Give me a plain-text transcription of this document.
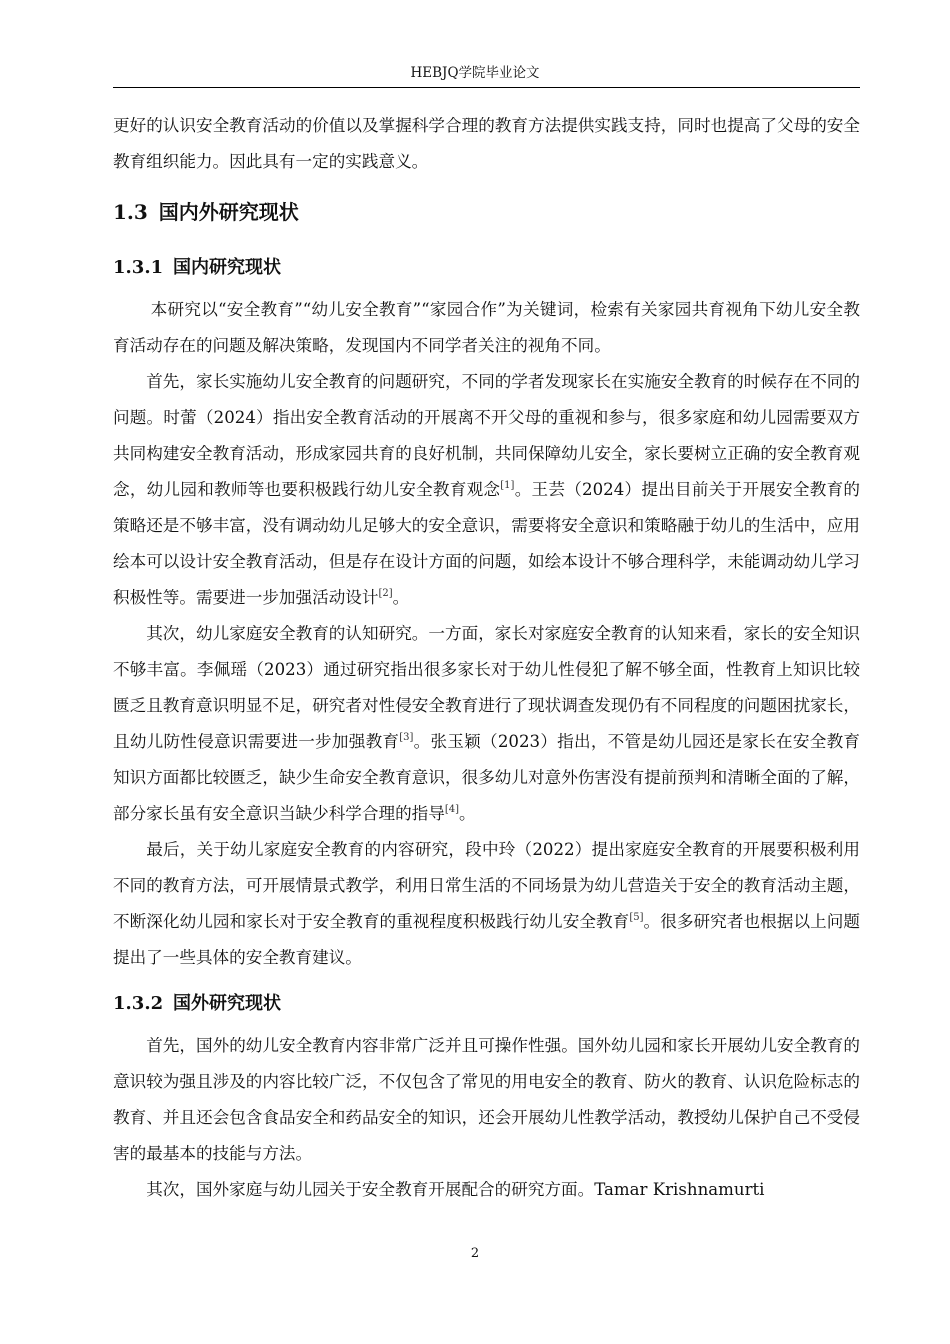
HEBJQ学院毕业论文

更好的认识安全教育活动的价值以及掌握科学合理的教育方法提供实践支持，同时也提高了父母的安全教育组织能力。因此具有一定的实践意义。

1.3 国内外研究现状
1.3.1 国内研究现状

本研究以“安全教育”“幼儿安全教育”“家园合作”为关键词，检索有关家园共育视角下幼儿安全教育活动存在的问题及解决策略，发现国内不同学者关注的视角不同。

首先，家长实施幼儿安全教育的问题研究，不同的学者发现家长在实施安全教育的时候存在不同的问题。时蕾（2024）指出安全教育活动的开展离不开父母的重视和参与，很多家庭和幼儿园需要双方共同构建安全教育活动，形成家园共育的良好机制，共同保障幼儿安全，家长要树立正确的安全教育观念，幼儿园和教师等也要积极践行幼儿安全教育观念[1]。王芸（2024）提出目前关于开展安全教育的策略还是不够丰富，没有调动幼儿足够大的安全意识，需要将安全意识和策略融于幼儿的生活中，应用绘本可以设计安全教育活动，但是存在设计方面的问题，如绘本设计不够合理科学，未能调动幼儿学习积极性等。需要进一步加强活动设计[2]。

其次，幼儿家庭安全教育的认知研究。一方面，家长对家庭安全教育的认知来看，家长的安全知识不够丰富。李佩瑶（2023）通过研究指出很多家长对于幼儿性侵犯了解不够全面，性教育上知识比较匮乏且教育意识明显不足，研究者对性侵安全教育进行了现状调查发现仍有不同程度的问题困扰家长，且幼儿防性侵意识需要进一步加强教育[3]。张玉颖（2023）指出，不管是幼儿园还是家长在安全教育知识方面都比较匮乏，缺少生命安全教育意识，很多幼儿对意外伤害没有提前预判和清晰全面的了解，部分家长虽有安全意识当缺少科学合理的指导[4]。

最后，关于幼儿家庭安全教育的内容研究，段中玲（2022）提出家庭安全教育的开展要积极利用不同的教育方法，可开展情景式教学，利用日常生活的不同场景为幼儿营造关于安全的教育活动主题，不断深化幼儿园和家长对于安全教育的重视程度积极践行幼儿安全教育[5]。很多研究者也根据以上问题提出了一些具体的安全教育建议。

1.3.2 国外研究现状

首先，国外的幼儿安全教育内容非常广泛并且可操作性强。国外幼儿园和家长开展幼儿安全教育的意识较为强且涉及的内容比较广泛，不仅包含了常见的用电安全的教育、防火的教育、认识危险标志的教育、并且还会包含食品安全和药品安全的知识，还会开展幼儿性教学活动，教授幼儿保护自己不受侵害的最基本的技能与方法。

其次，国外家庭与幼儿园关于安全教育开展配合的研究方面。Tamar Krishnamurti

2
